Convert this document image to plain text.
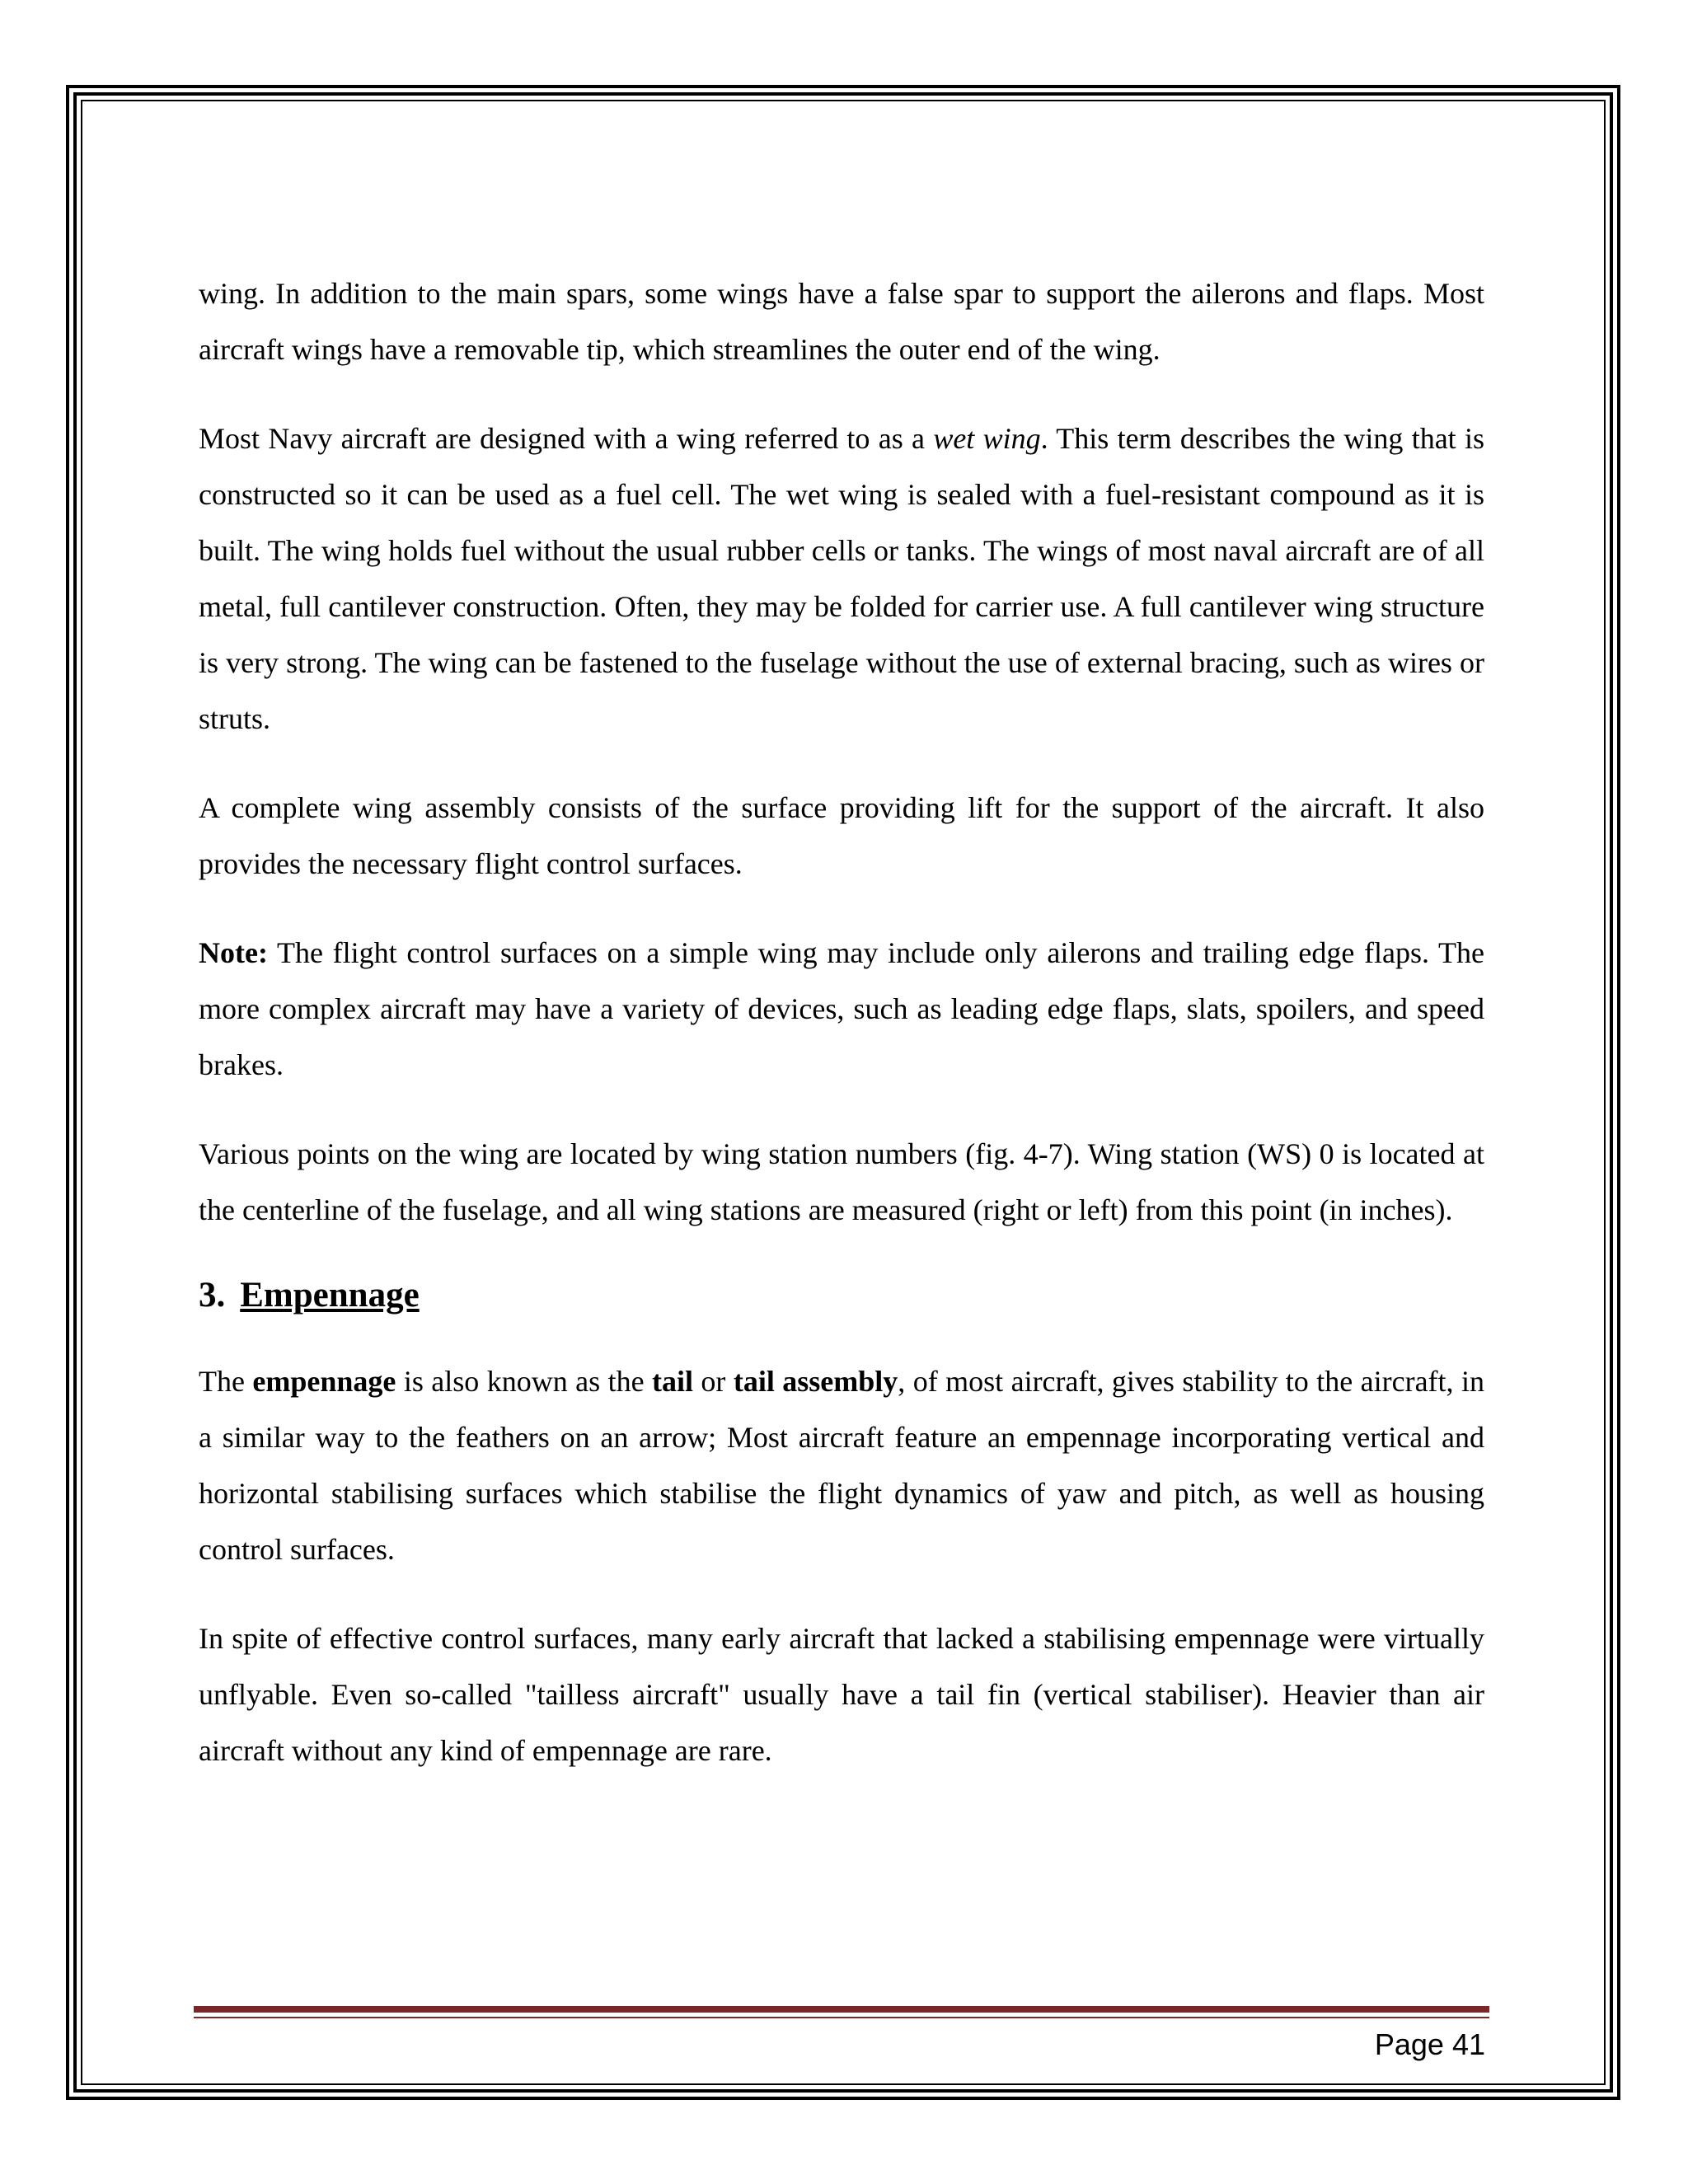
wing. In addition to the main spars, some wings have a false spar to support the ailerons and flaps. Most aircraft wings have a removable tip, which streamlines the outer end of the wing.

Most Navy aircraft are designed with a wing referred to as a wet wing. This term describes the wing that is constructed so it can be used as a fuel cell. The wet wing is sealed with a fuel-resistant compound as it is built. The wing holds fuel without the usual rubber cells or tanks. The wings of most naval aircraft are of all metal, full cantilever construction. Often, they may be folded for carrier use. A full cantilever wing structure is very strong. The wing can be fastened to the fuselage without the use of external bracing, such as wires or struts.

A complete wing assembly consists of the surface providing lift for the support of the aircraft. It also provides the necessary flight control surfaces.

Note: The flight control surfaces on a simple wing may include only ailerons and trailing edge flaps. The more complex aircraft may have a variety of devices, such as leading edge flaps, slats, spoilers, and speed brakes.

Various points on the wing are located by wing station numbers (fig. 4-7). Wing station (WS) 0 is located at the centerline of the fuselage, and all wing stations are measured (right or left) from this point (in inches).

3. Empennage

The empennage is also known as the tail or tail assembly, of most aircraft, gives stability to the aircraft, in a similar way to the feathers on an arrow; Most aircraft feature an empennage incorporating vertical and horizontal stabilising surfaces which stabilise the flight dynamics of yaw and pitch, as well as housing control surfaces.

In spite of effective control surfaces, many early aircraft that lacked a stabilising empennage were virtually unflyable. Even so-called "tailless aircraft" usually have a tail fin (vertical stabiliser). Heavier than air aircraft without any kind of empennage are rare.

Page 41
